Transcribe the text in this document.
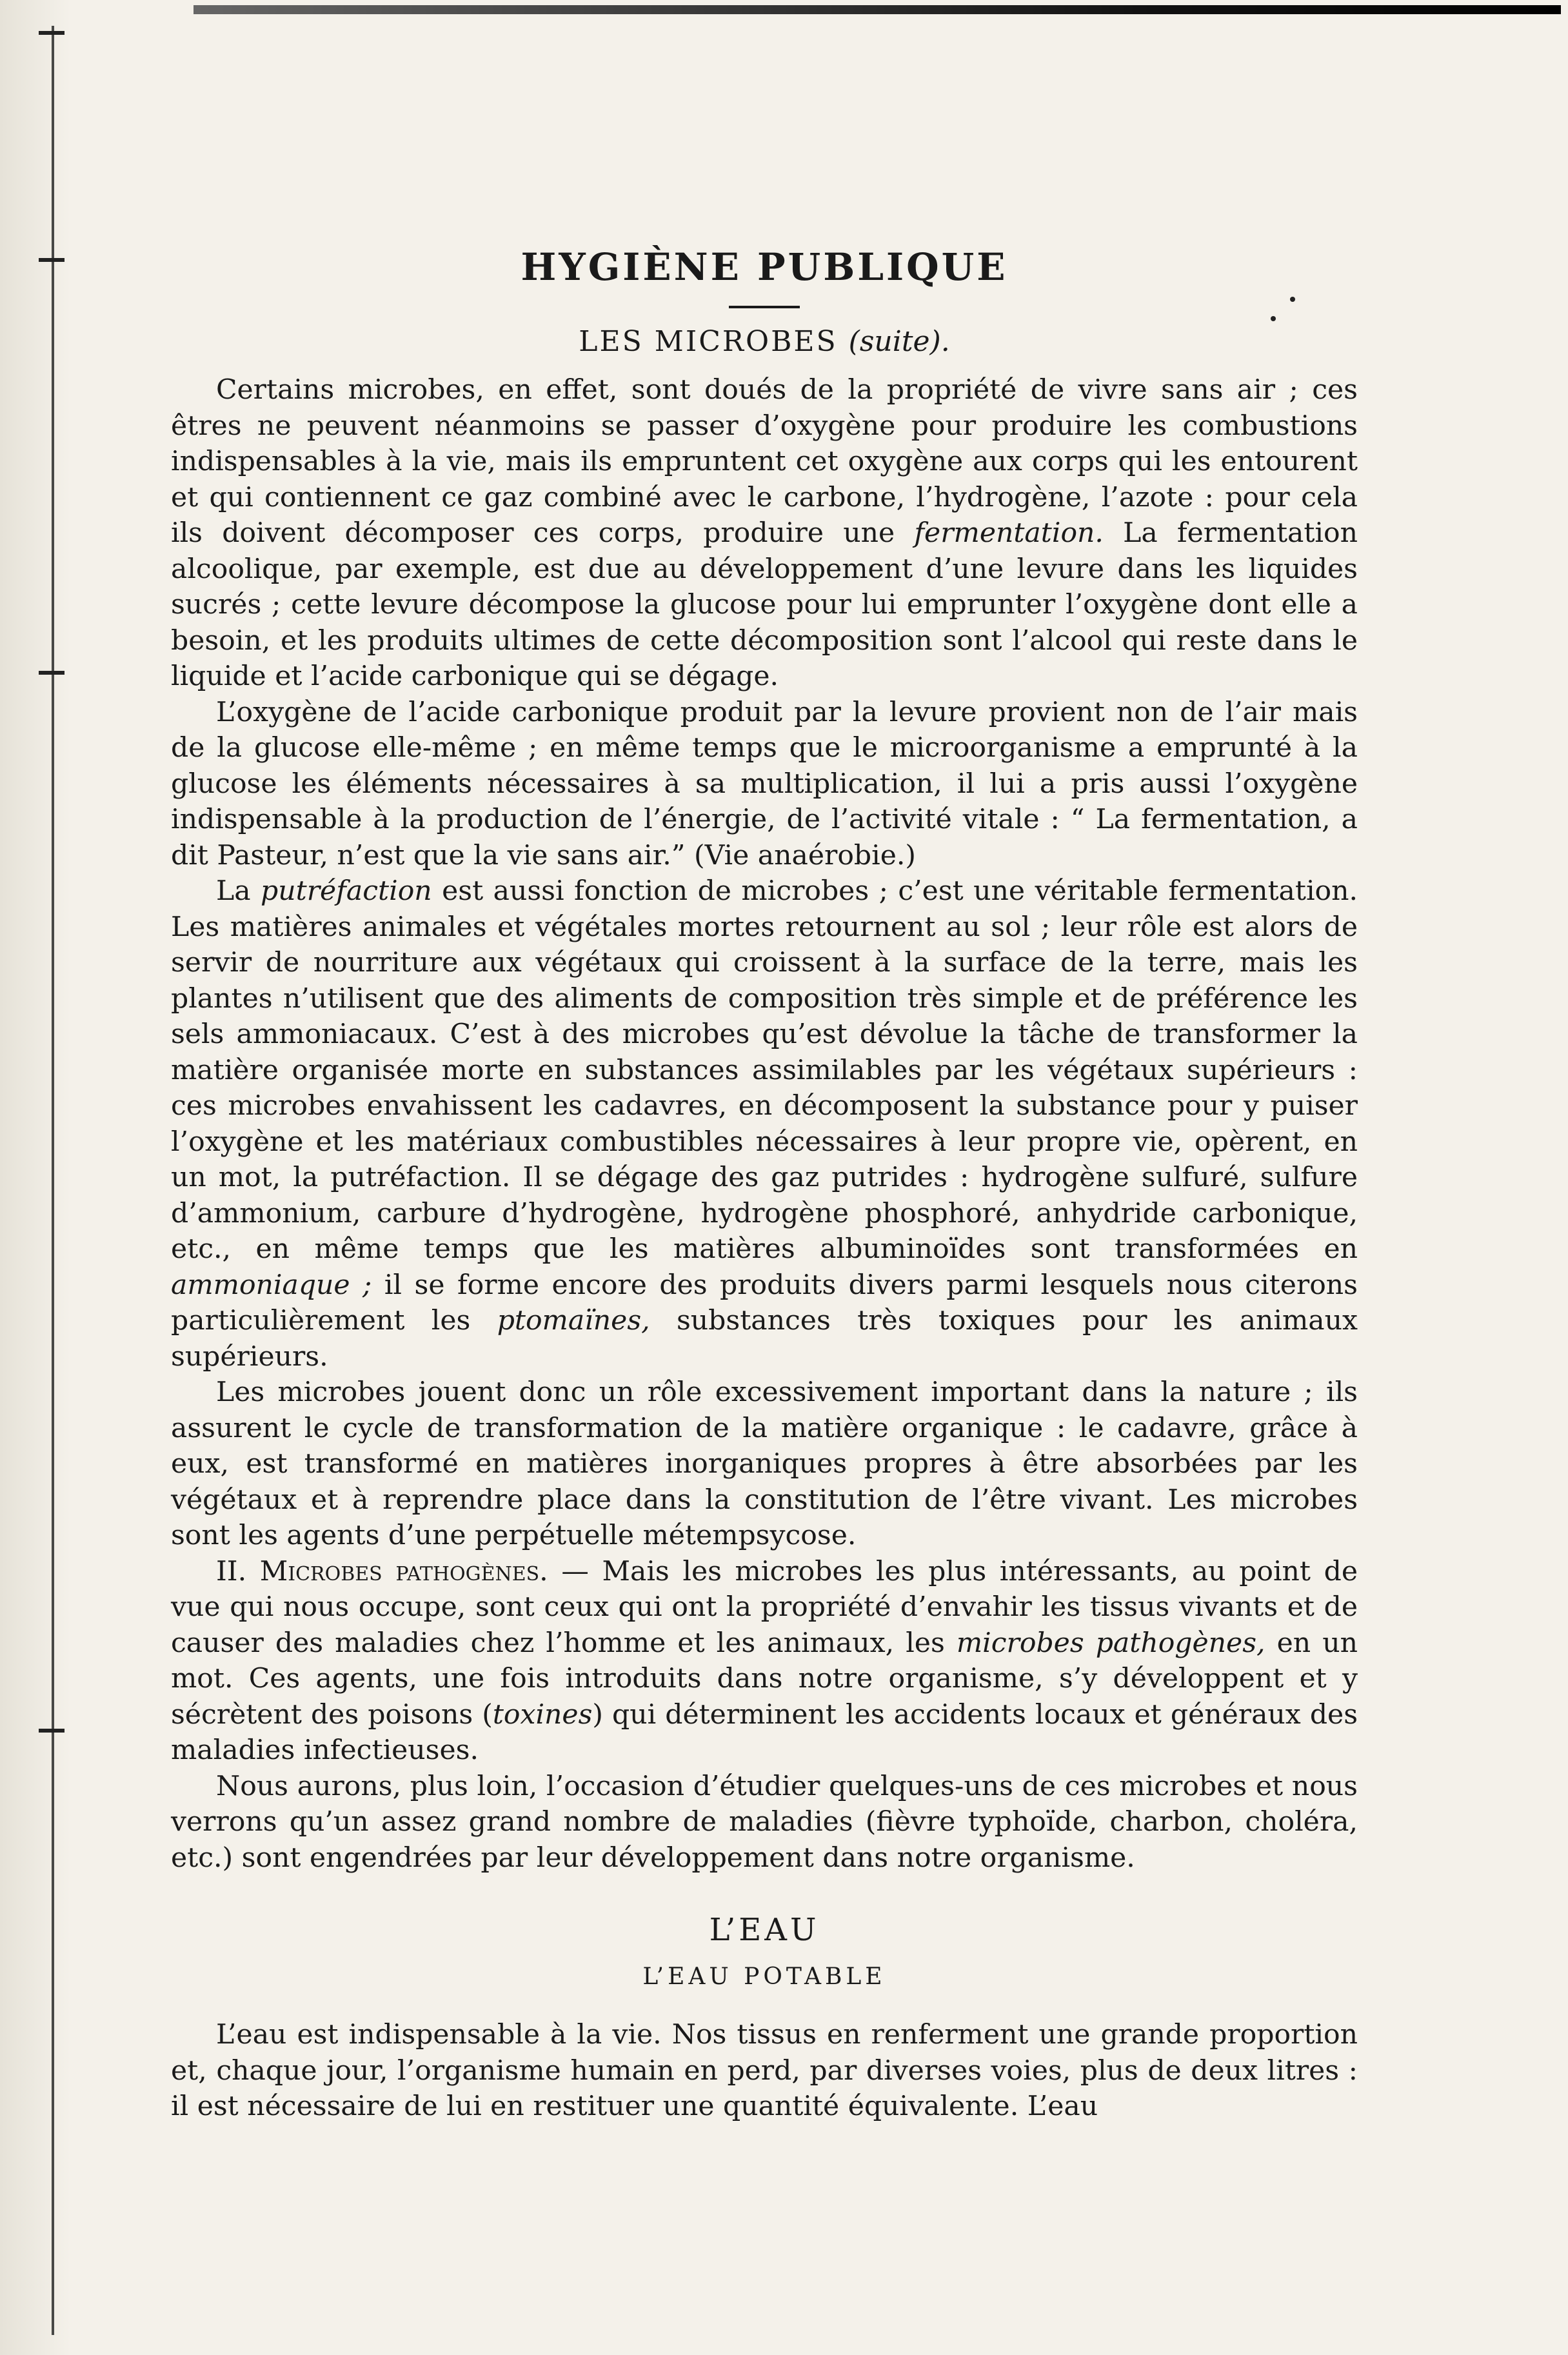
HYGIÈNE PUBLIQUE
LES MICROBES (suite).

Certains microbes, en effet, sont doués de la propriété de vivre sans air ; ces êtres ne peuvent néanmoins se passer d’oxygène pour produire les combustions indispensables à la vie, mais ils empruntent cet oxygène aux corps qui les entourent et qui contiennent ce gaz combiné avec le carbone, l’hydrogène, l’azote : pour cela ils doivent décomposer ces corps, produire une fermentation. La fermentation alcoolique, par exemple, est due au développement d’une levure dans les liquides sucrés ; cette levure décompose la glucose pour lui emprunter l’oxygène dont elle a besoin, et les produits ultimes de cette décomposition sont l’alcool qui reste dans le liquide et l’acide carbonique qui se dégage.

L’oxygène de l’acide carbonique produit par la levure provient non de l’air mais de la glucose elle-même ; en même temps que le microorganisme a emprunté à la glucose les éléments nécessaires à sa multiplication, il lui a pris aussi l’oxygène indispensable à la production de l’énergie, de l’activité vitale : “ La fermentation, a dit Pasteur, n’est que la vie sans air.” (Vie anaérobie.)

La putréfaction est aussi fonction de microbes ; c’est une véritable fermentation. Les matières animales et végétales mortes retournent au sol ; leur rôle est alors de servir de nourriture aux végétaux qui croissent à la surface de la terre, mais les plantes n’utilisent que des aliments de composition très simple et de préférence les sels ammoniacaux. C’est à des microbes qu’est dévolue la tâche de transformer la matière organisée morte en substances assimilables par les végétaux supérieurs : ces microbes envahissent les cadavres, en décomposent la substance pour y puiser l’oxygène et les matériaux combustibles nécessaires à leur propre vie, opèrent, en un mot, la putréfaction. Il se dégage des gaz putrides : hydrogène sulfuré, sulfure d’ammonium, carbure d’hydrogène, hydrogène phosphoré, anhydride carbonique, etc., en même temps que les matières albuminoïdes sont transformées en ammoniaque ; il se forme encore des produits divers parmi lesquels nous citerons particulièrement les ptomaïnes, substances très toxiques pour les animaux supérieurs.

Les microbes jouent donc un rôle excessivement important dans la nature ; ils assurent le cycle de transformation de la matière organique : le cadavre, grâce à eux, est transformé en matières inorganiques propres à être absorbées par les végétaux et à reprendre place dans la constitution de l’être vivant. Les microbes sont les agents d’une perpétuelle métempsycose.

II. Microbes pathogènes. — Mais les microbes les plus intéressants, au point de vue qui nous occupe, sont ceux qui ont la propriété d’envahir les tissus vivants et de causer des maladies chez l’homme et les animaux, les microbes pathogènes, en un mot. Ces agents, une fois introduits dans notre organisme, s’y développent et y sécrètent des poisons (toxines) qui déterminent les accidents locaux et généraux des maladies infectieuses.

Nous aurons, plus loin, l’occasion d’étudier quelques-uns de ces microbes et nous verrons qu’un assez grand nombre de maladies (fièvre typhoïde, charbon, choléra, etc.) sont engendrées par leur développement dans notre organisme.

L’EAU
L’EAU POTABLE

L’eau est indispensable à la vie. Nos tissus en renferment une grande proportion et, chaque jour, l’organisme humain en perd, par diverses voies, plus de deux litres : il est nécessaire de lui en restituer une quantité équivalente. L’eau
